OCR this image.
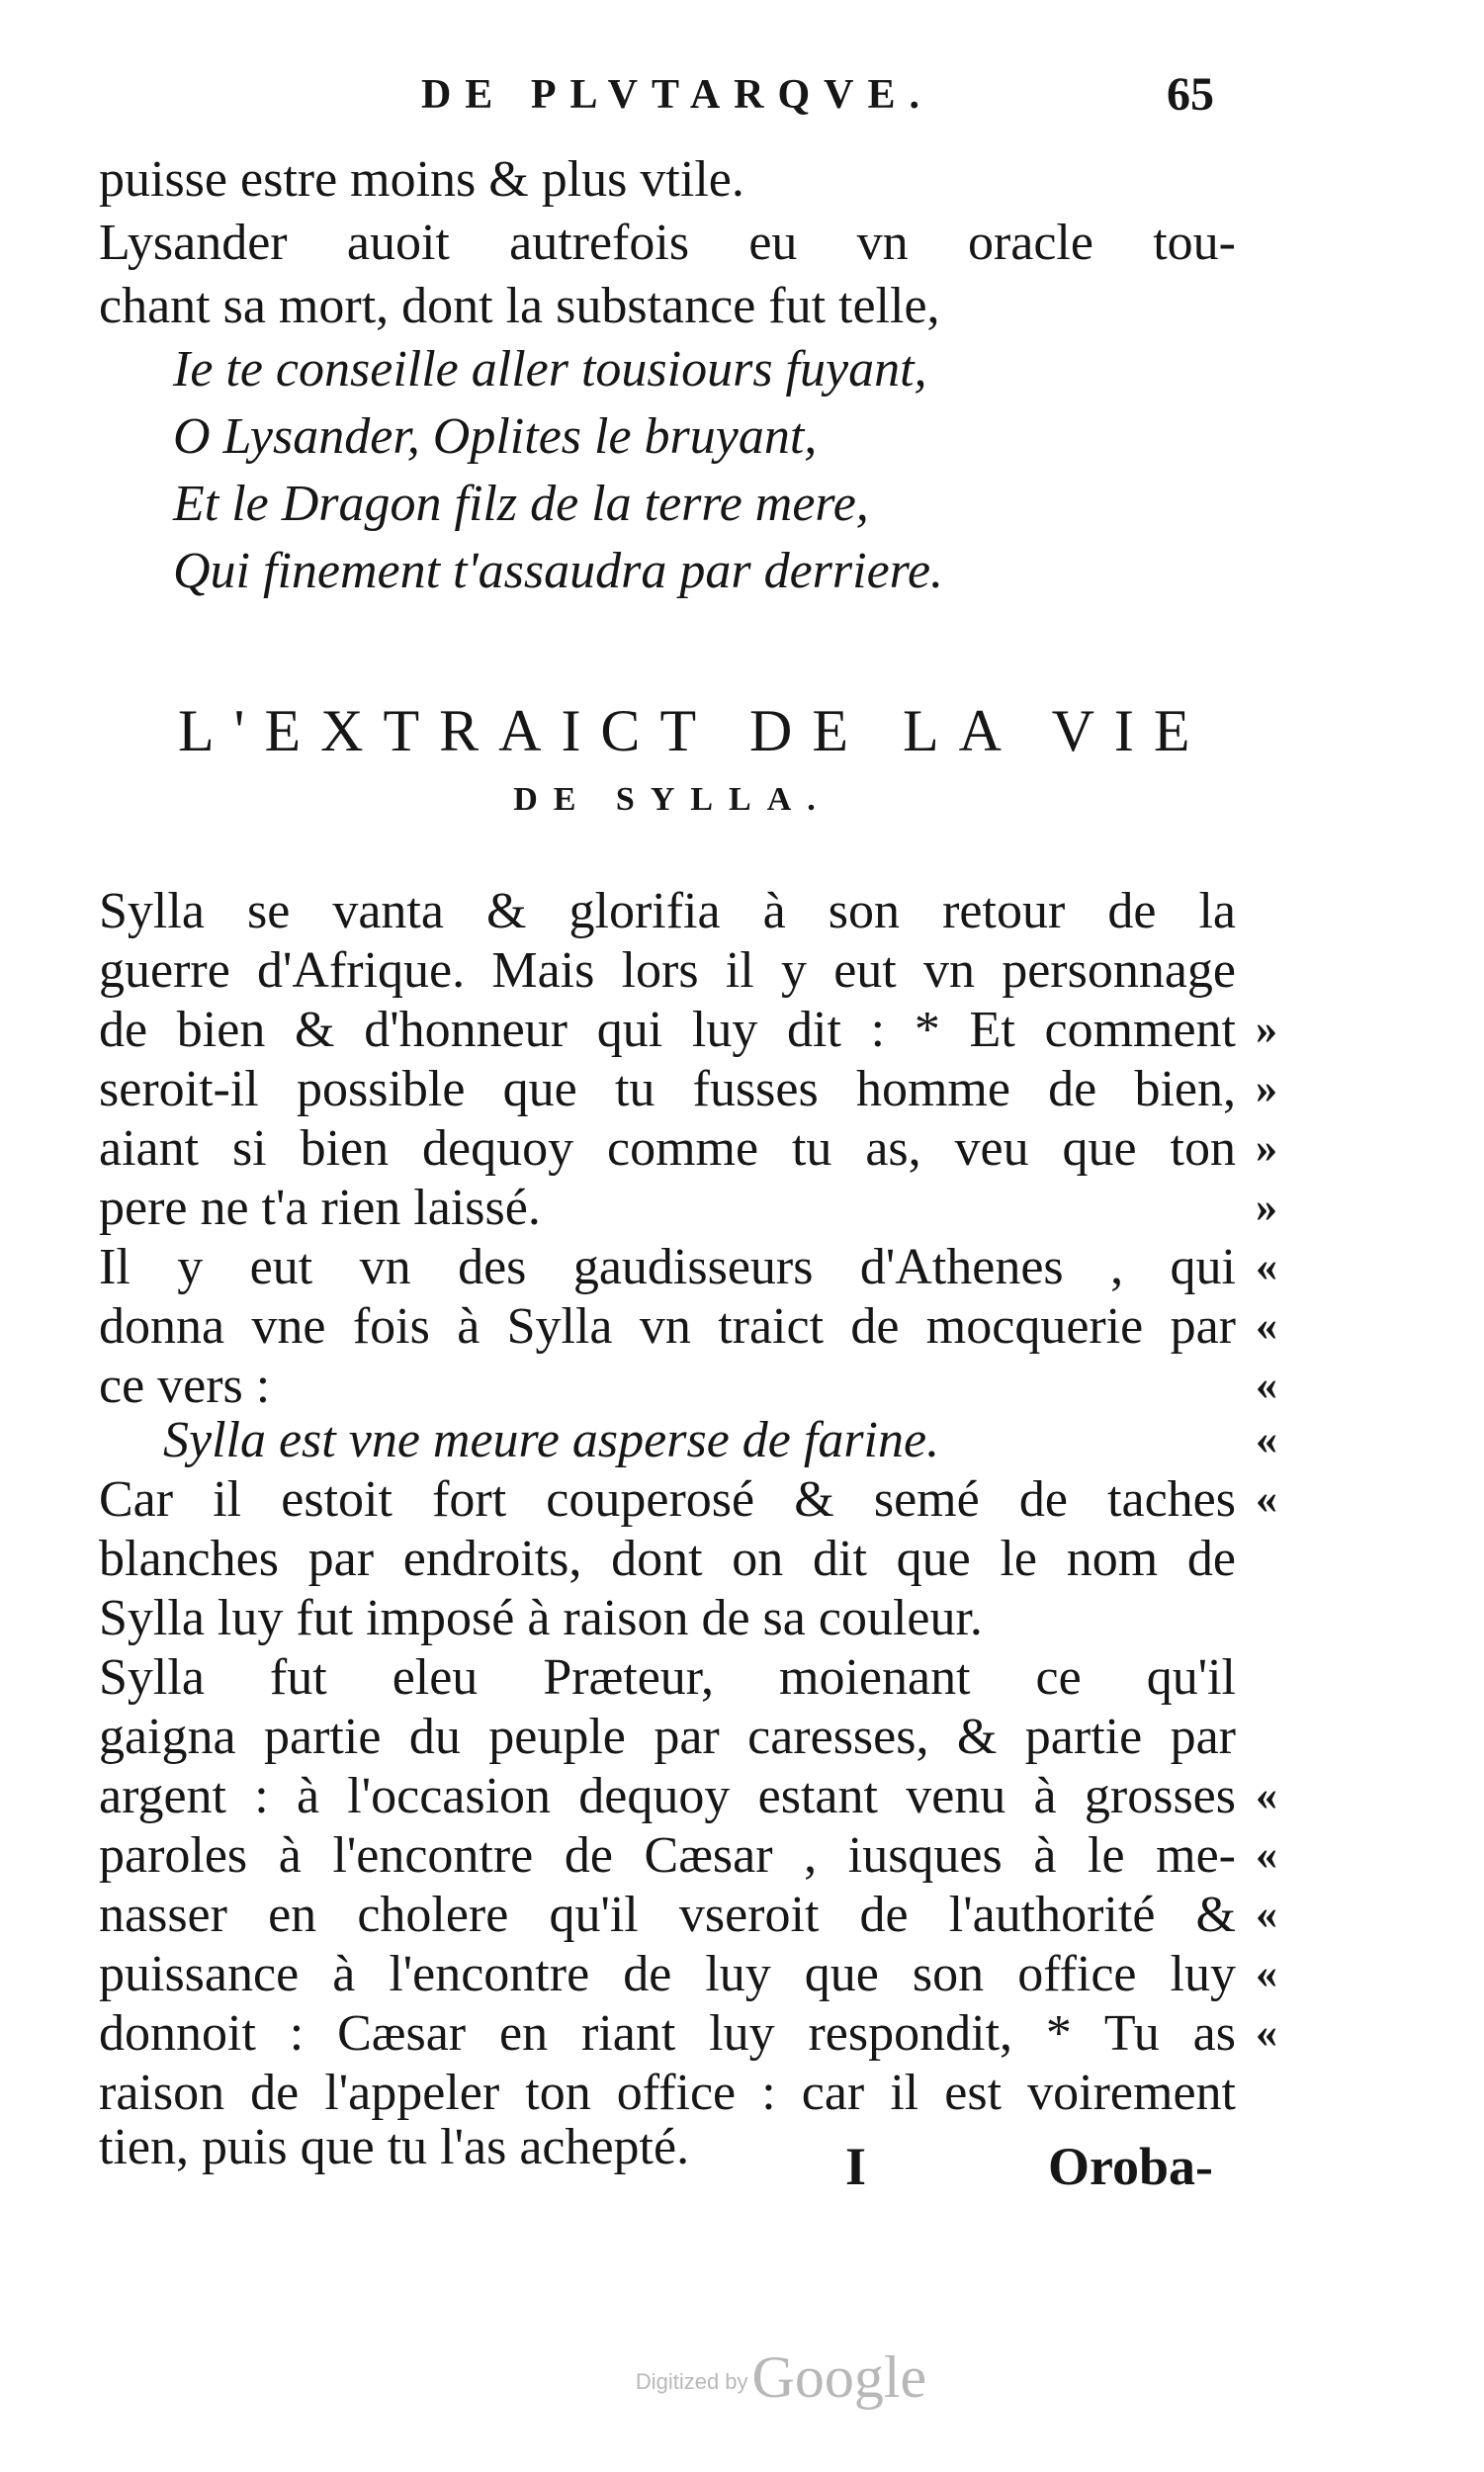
DE PLVTARQVE.	65
puisse estre moins & plus vtile.
Lysander auoit autrefois eu vn oracle tou-
chant sa mort, dont la substance fut telle,
Ie te conseille aller tousiours fuyant,
O Lysander, Oplites le bruyant,
Et le Dragon filz de la terre mere,
Qui finement t'assaudra par derriere.
L'EXTRAICT DE LA VIE
DE SYLLA.
Sylla se vanta & glorifia à son retour de la
guerre d'Afrique. Mais lors il y eut vn personnage
de bien & d'honneur qui luy dit : * Et comment
seroit-il possible que tu fusses homme de bien,
aiant si bien dequoy comme tu as, veu que ton
pere ne t'a rien laissé.
Il y eut vn des gaudisseurs d'Athenes , qui
donna vne fois à Sylla vn traict de mocquerie par
ce vers :
Sylla est vne meure asperse de farine.
Car il estoit fort couperosé & semé de taches
blanches par endroits, dont on dit que le nom de
Sylla luy fut imposé à raison de sa couleur.
Sylla fut eleu Præteur, moienant ce qu'il
gaigna partie du peuple par caresses, & partie par
argent : à l'occasion dequoy estant venu à grosses
paroles à l'encontre de Cæsar , iusques à le me-
nasser en cholere qu'il vseroit de l'authorité &
puissance à l'encontre de luy que son office luy
donnoit : Cæsar en riant luy respondit, * Tu as
raison de l'appeler ton office : car il est voirement
tien, puis que tu l'as achepté.
»
»
»
»
«
«
«
«
«
«
«
«
«
«
I	Oroba-
Digitized by Google
